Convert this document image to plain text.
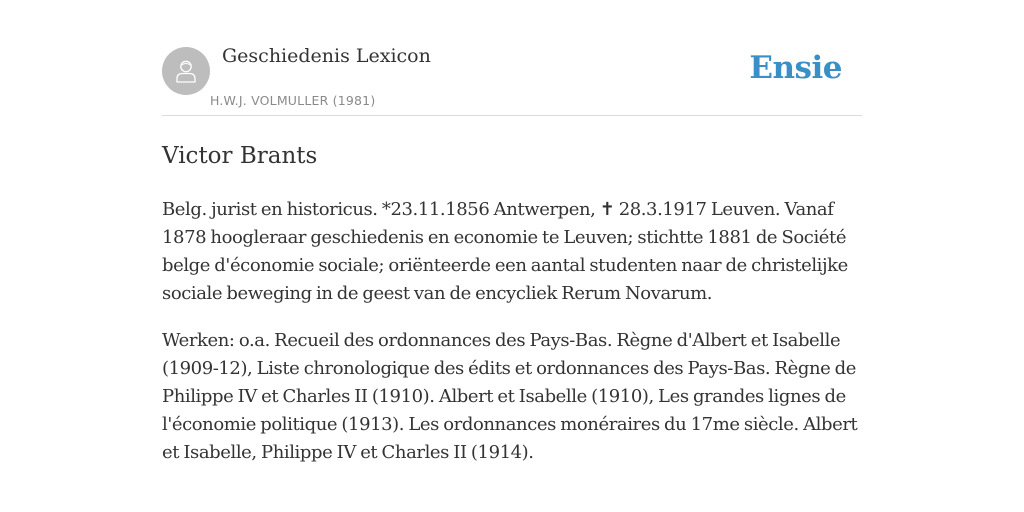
Geschiedenis Lexicon
H.W.J. VOLMULLER (1981)
Ensie
Victor Brants

Belg. jurist en historicus. *23.11.1856 Antwerpen, ✝ 28.3.1917 Leuven. Vanaf 1878 hoogleraar geschiedenis en economie te Leuven; stichtte 1881 de Société belge d'économie sociale; oriënteerde een aantal studenten naar de christelijke sociale beweging in de geest van de encycliek Rerum Novarum.

Werken: o.a. Recueil des ordonnances des Pays-Bas. Règne d'Albert et Isabelle (1909-12), Liste chronologique des édits et ordonnances des Pays-Bas. Règne de Philippe IV et Charles II (1910). Albert et Isabelle (1910), Les grandes lignes de l'économie politique (1913). Les ordonnances monéraires du 17me siècle. Albert et Isabelle, Philippe IV et Charles II (1914).
